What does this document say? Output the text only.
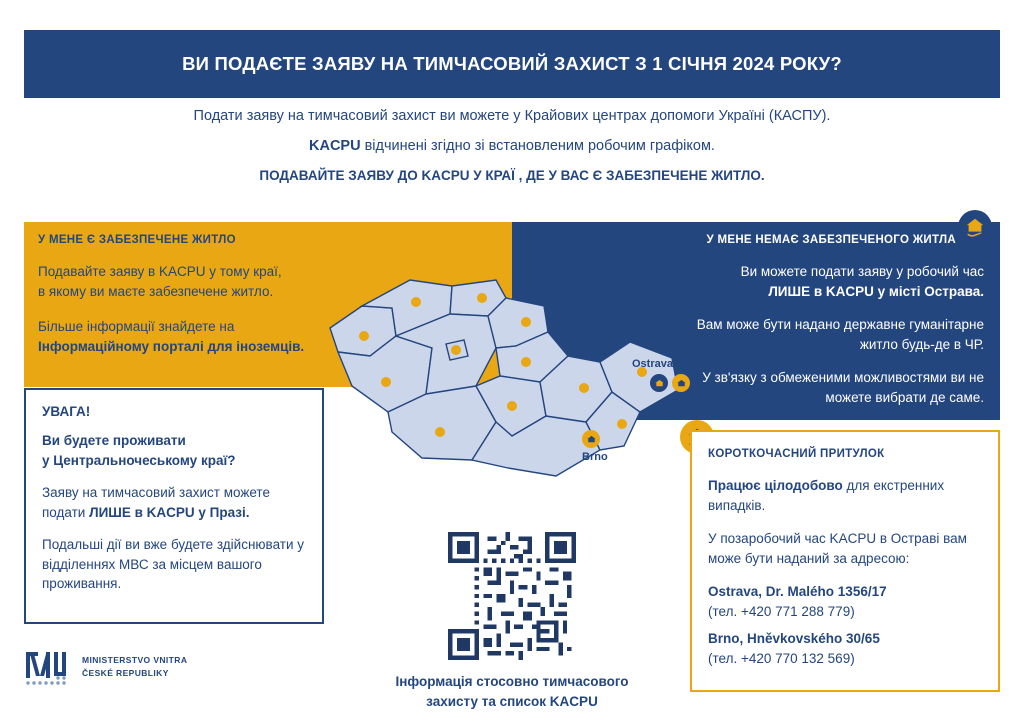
ВИ ПОДАЄТЕ ЗАЯВУ НА ТИМЧАСОВИЙ ЗАХИСТ З 1 СІЧНЯ 2024 РОКУ?
Подати заяву на тимчасовий захист ви можете у Крайових центрах допомоги Україні (КАСПУ).
KACPU відчинені згідно зі встановленим робочим графіком.
ПОДАВАЙТЕ ЗАЯВУ ДО KACPU У КРАЇ , ДЕ У ВАС Є ЗАБЕЗПЕЧЕНЕ ЖИТЛО.
У МЕНЕ Є ЗАБЕЗПЕЧЕНЕ ЖИТЛО

Подавайте заяву в KACPU у тому краї,
в якому ви маєте забезпечене житло.

Більше інформації знайдете на
Інформаційному порталі для іноземців.

У МЕНЕ НЕМАЄ ЗАБЕЗПЕЧЕНОГО ЖИТЛА

Ви можете подати заяву у робочий час
ЛИШЕ в KACPU у місті Острава.

Вам може бути надано державне гуманітарне житло будь-де в ЧР.

У зв'язку з обмеженими можливостями ви не можете вибрати де саме.

Ostrava
Brno
УВАГА!

Ви будете проживати
у Центральночеському краї?

Заяву на тимчасовий захист можете подати ЛИШЕ в KACPU у Празі.

Подальші дії ви вже будете здійснювати у відділеннях МВС за місцем вашого проживання.

КОРОТКОЧАСНИЙ ПРИТУЛОК

Працює цілодобово для екстренних випадків.

У позаробочий час KACPU в Остраві вам може бути наданий за адресою:

Ostrava, Dr. Malého 1356/17
(тел. +420 771 288 779)

Brno, Hněvkovského 30/65
(тел. +420 770 132 569)

Інформація стосовно тимчасового
захисту та список KACPU
MINISTERSTVO VNITRA
ČESKÉ REPUBLIKY
